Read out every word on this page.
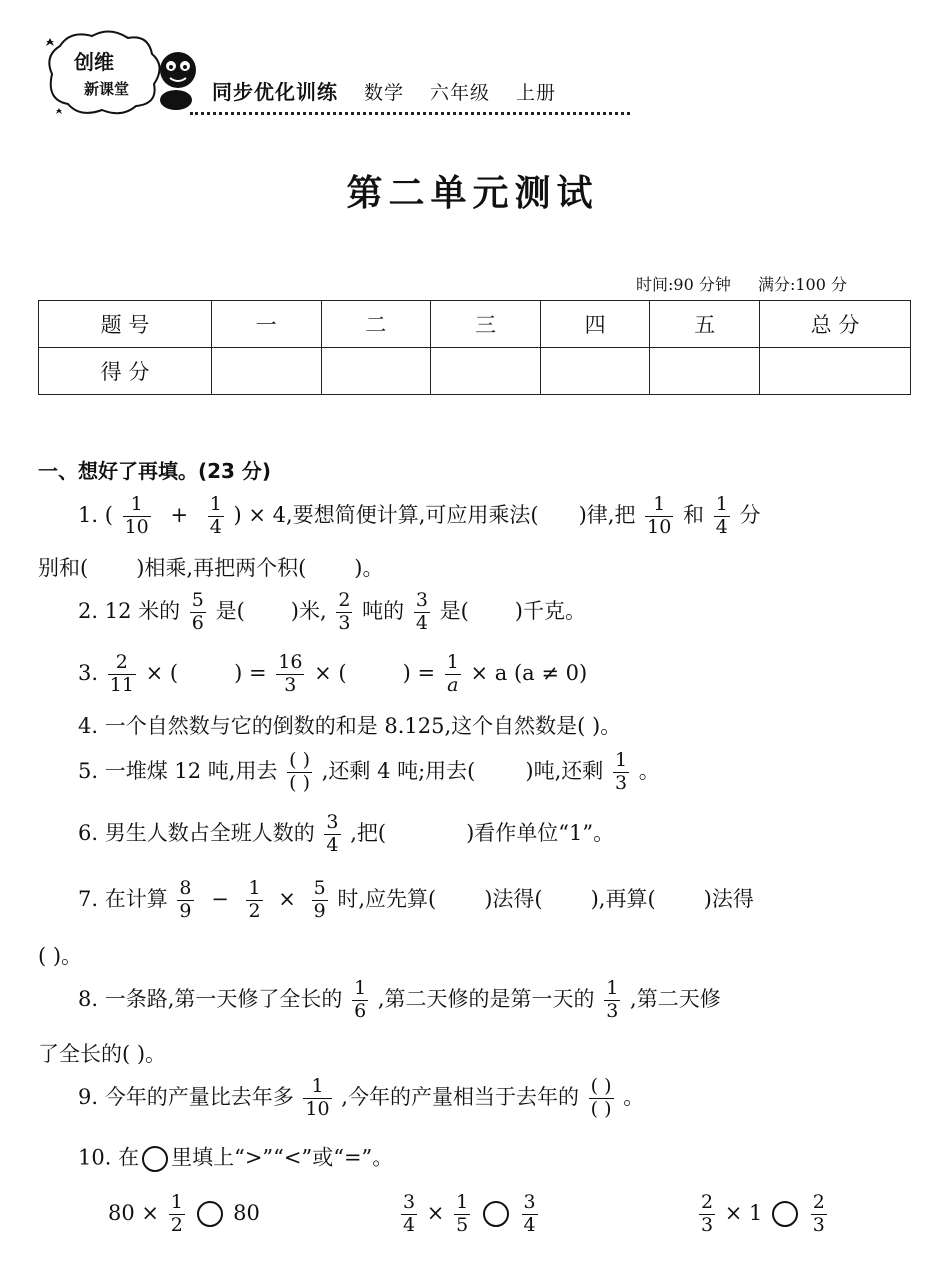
创维
新课堂	同步优化训练 数学 六年级 上册
第二单元测试
时间:90 分钟 满分:100 分
题 号	一	二	三	四	五	总 分
得 分						
一、想好了再填。(23 分)
1. ( $\frac{1}{10} + \frac{1}{4}$ ) × 4,要想简便计算,可应用乘法( )律,把 $\frac{1}{10}$ 和 $\frac{1}{4}$ 分
别和( )相乘,再把两个积( )。
2. 12 米的 $\frac{5}{6}$ 是( )米, $\frac{2}{3}$ 吨的 $\frac{3}{4}$ 是( )千克。
3. $\frac{2}{11}$ × (	) = $\frac{16}{3}$ × (	) = $\frac{1}{a} \times a$ (a ≠ 0)
4. 一个自然数与它的倒数的和是 8.125,这个自然数是( )。
5. 一堆煤 12 吨,用去 $\frac{( )}{( )}$ ,还剩 4 吨;用去( )吨,还剩 $\frac{1}{3}$ 。
6. 男生人数占全班人数的 $\frac{3}{4}$ ,把(	)看作单位“1”。
7. 在计算 $\frac{8}{9} - \frac{1}{2} \times \frac{5}{9}$ 时,应先算( )法得( ),再算( )法得
( )。
8. 一条路,第一天修了全长的 $\frac{1}{6}$ ,第二天修的是第一天的 $\frac{1}{3}$ ,第二天修
了全长的( )。
9. 今年的产量比去年多 $\frac{1}{10}$ ,今年的产量相当于去年的 $\frac{( )}{( )}$ 。
10. 在 里填上“>”“<”或“=”。
$80 \times \frac{1}{2} 80$	$\frac{3}{4} \times \frac{1}{5}$
	$\frac{3}{4}$	$\frac{2}{3} \times 1$	$\frac{2}{3}$
